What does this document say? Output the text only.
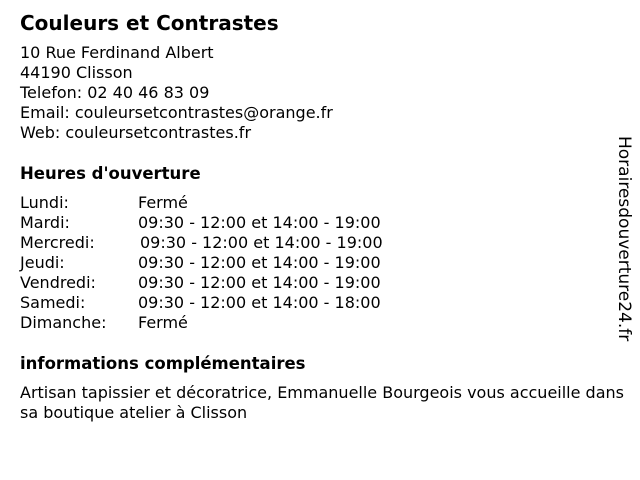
Couleurs et Contrastes
10 Rue Ferdinand Albert
44190 Clisson
Telefon: 02 40 46 83 09
Email: couleursetcontrastes@orange.fr
Web: couleursetcontrastes.fr
Heures d'ouverture
Lundi:	Fermé
Mardi:	09:30 - 12:00 et 14:00 - 19:00
Mercredi:	09:30 - 12:00 et 14:00 - 19:00
Jeudi:	09:30 - 12:00 et 14:00 - 19:00
Vendredi:	09:30 - 12:00 et 14:00 - 19:00
Samedi:	09:30 - 12:00 et 14:00 - 18:00
Dimanche: Fermé
informations complémentaires
Artisan tapissier et décoratrice, Emmanuelle Bourgeois vous accueille dans sa boutique atelier à Clisson
Horairesdouverture24.fr
